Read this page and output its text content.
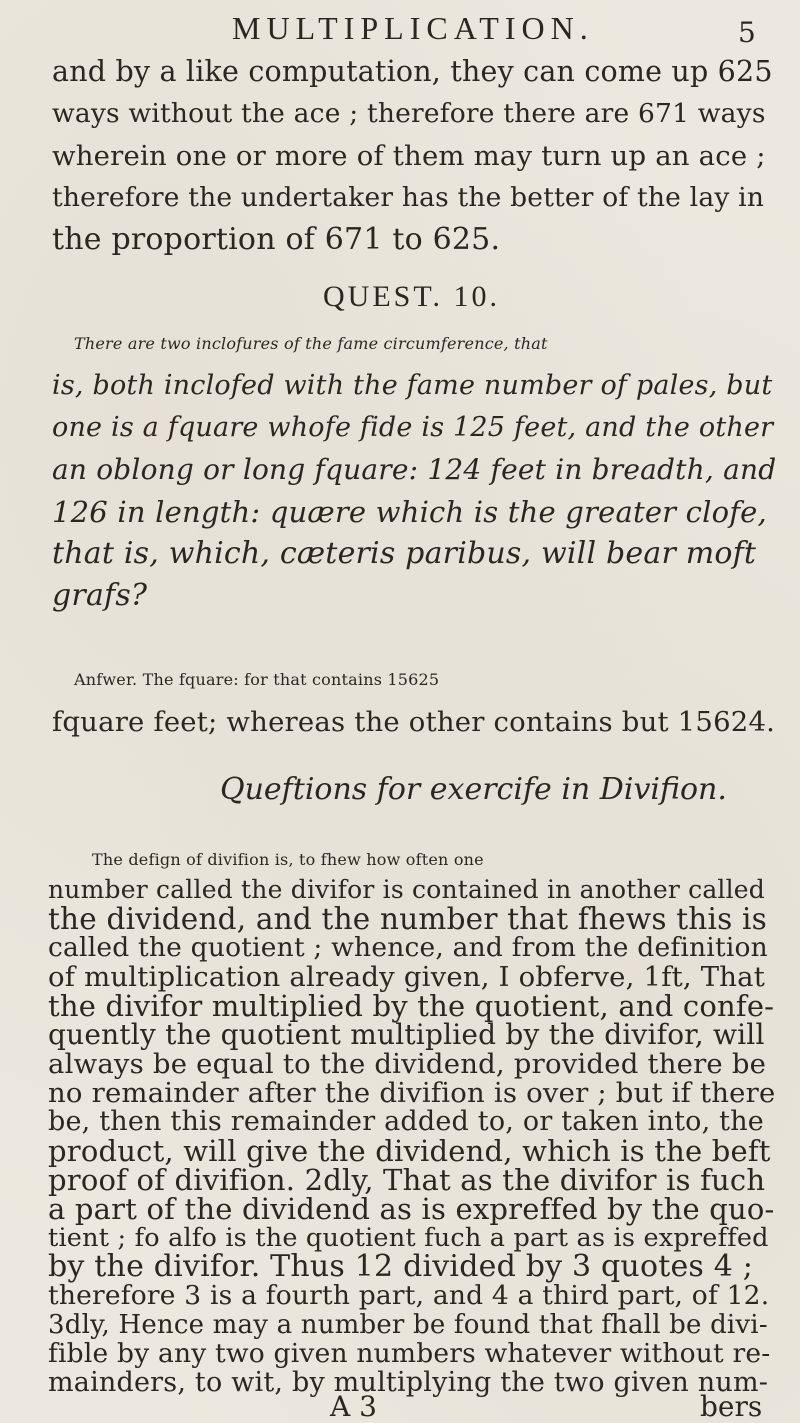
MULTIPLICATION.	5
and by a like computation, they can come up 625
ways without the ace ; therefore there are 671 ways
wherein one or more of them may turn up an ace ;
therefore the undertaker has the better of the lay in
the proportion of 671 to 625.
QUEST. 10.
There are two inclofures of the fame circumference, that
is, both inclofed with the fame number of pales, but
one is a fquare whofe fide is 125 feet, and the other
an oblong or long fquare: 124 feet in breadth, and
126 in length: quære which is the greater clofe,
that is, which, cæteris paribus, will bear moft
grafs?
Anfwer. The fquare: for that contains 15625
fquare feet; whereas the other contains but 15624.
Queftions for exercife in Divifion.
The defign of divifion is, to fhew how often one
number called the divifor is contained in another called
the dividend, and the number that fhews this is
called the quotient ; whence, and from the definition
of multiplication already given, I obferve, 1ft, That
the divifor multiplied by the quotient, and confe-
quently the quotient multiplied by the divifor, will
always be equal to the dividend, provided there be
no remainder after the divifion is over ; but if there
be, then this remainder added to, or taken into, the
product, will give the dividend, which is the beft
proof of divifion. 2dly, That as the divifor is fuch
a part of the dividend as is expreffed by the quo-
tient ; fo alfo is the quotient fuch a part as is expreffed
by the divifor. Thus 12 divided by 3 quotes 4 ;
therefore 3 is a fourth part, and 4 a third part, of 12.
3dly, Hence may a number be found that fhall be divi-
fible by any two given numbers whatever without re-
mainders, to wit, by multiplying the two given num-
A 3	bers
